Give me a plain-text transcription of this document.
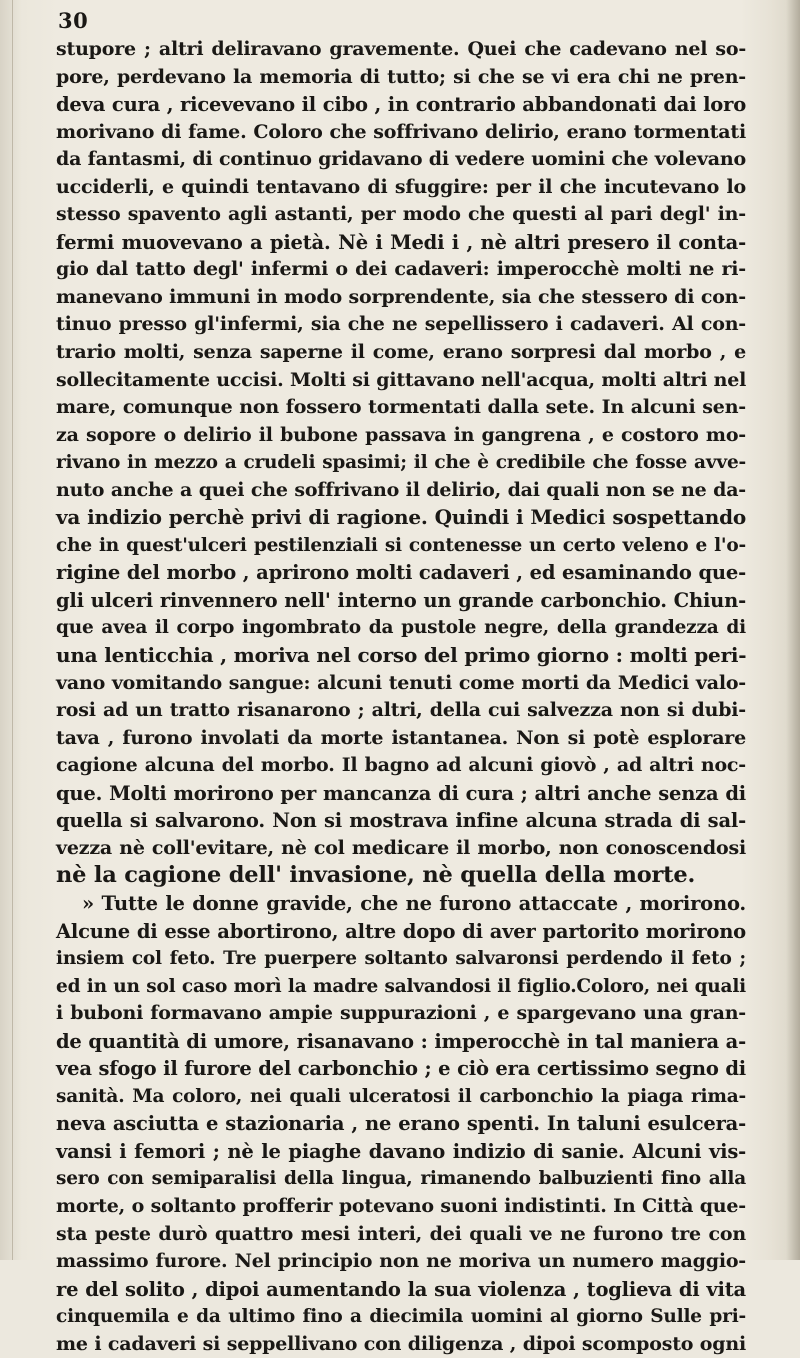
30
stupore ; altri deliravano gravemente. Quei che cadevano nel so-
pore, perdevano la memoria di tutto; si che se vi era chi ne pren-
deva cura , ricevevano il cibo , in contrario abbandonati dai loro
morivano di fame. Coloro che soffrivano delirio, erano tormentati
da fantasmi, di continuo gridavano di vedere uomini che volevano
ucciderli, e quindi tentavano di sfuggire: per il che incutevano lo
stesso spavento agli astanti, per modo che questi al pari degl' in-
fermi muovevano a pietà. Nè i Medi i , nè altri presero il conta-
gio dal tatto degl' infermi o dei cadaveri: imperocchè molti ne ri-
manevano immuni in modo sorprendente, sia che stessero di con-
tinuo presso gl'infermi, sia che ne sepellissero i cadaveri. Al con-
trario molti, senza saperne il come, erano sorpresi dal morbo , e
sollecitamente uccisi. Molti si gittavano nell'acqua, molti altri nel
mare, comunque non fossero tormentati dalla sete. In alcuni sen-
za sopore o delirio il bubone passava in gangrena , e costoro mo-
rivano in mezzo a crudeli spasimi; il che è credibile che fosse avve-
nuto anche a quei che soffrivano il delirio, dai quali non se ne da-
va indizio perchè privi di ragione. Quindi i Medici sospettando
che in quest'ulceri pestilenziali si contenesse un certo veleno e l'o-
rigine del morbo , aprirono molti cadaveri , ed esaminando que-
gli ulceri rinvennero nell' interno un grande carbonchio. Chiun-
que avea il corpo ingombrato da pustole negre, della grandezza di
una lenticchia , moriva nel corso del primo giorno : molti peri-
vano vomitando sangue: alcuni tenuti come morti da Medici valo-
rosi ad un tratto risanarono ; altri, della cui salvezza non si dubi-
tava , furono involati da morte istantanea. Non si potè esplorare
cagione alcuna del morbo. Il bagno ad alcuni giovò , ad altri noc-
que. Molti morirono per mancanza di cura ; altri anche senza di
quella si salvarono. Non si mostrava infine alcuna strada di sal-
vezza nè coll'evitare, nè col medicare il morbo, non conoscendosi
nè la cagione dell' invasione, nè quella della morte.
» Tutte le donne gravide, che ne furono attaccate , morirono.
Alcune di esse abortirono, altre dopo di aver partorito morirono
insiem col feto. Tre puerpere soltanto salvaronsi perdendo il feto ;
ed in un sol caso morì la madre salvandosi il figlio.Coloro, nei quali
i buboni formavano ampie suppurazioni , e spargevano una gran-
de quantità di umore, risanavano : imperocchè in tal maniera a-
vea sfogo il furore del carbonchio ; e ciò era certissimo segno di
sanità. Ma coloro, nei quali ulceratosi il carbonchio la piaga rima-
neva asciutta e stazionaria , ne erano spenti. In taluni esulcera-
vansi i femori ; nè le piaghe davano indizio di sanie. Alcuni vis-
sero con semiparalisi della lingua, rimanendo balbuzienti fino alla
morte, o soltanto profferir potevano suoni indistinti. In Città que-
sta peste durò quattro mesi interi, dei quali ve ne furono tre con
massimo furore. Nel principio non ne moriva un numero maggio-
re del solito , dipoi aumentando la sua violenza , toglieva di vita
cinquemila e da ultimo fino a diecimila uomini al giorno Sulle pri-
me i cadaveri si seppellivano con diligenza , dipoi scomposto ogni
